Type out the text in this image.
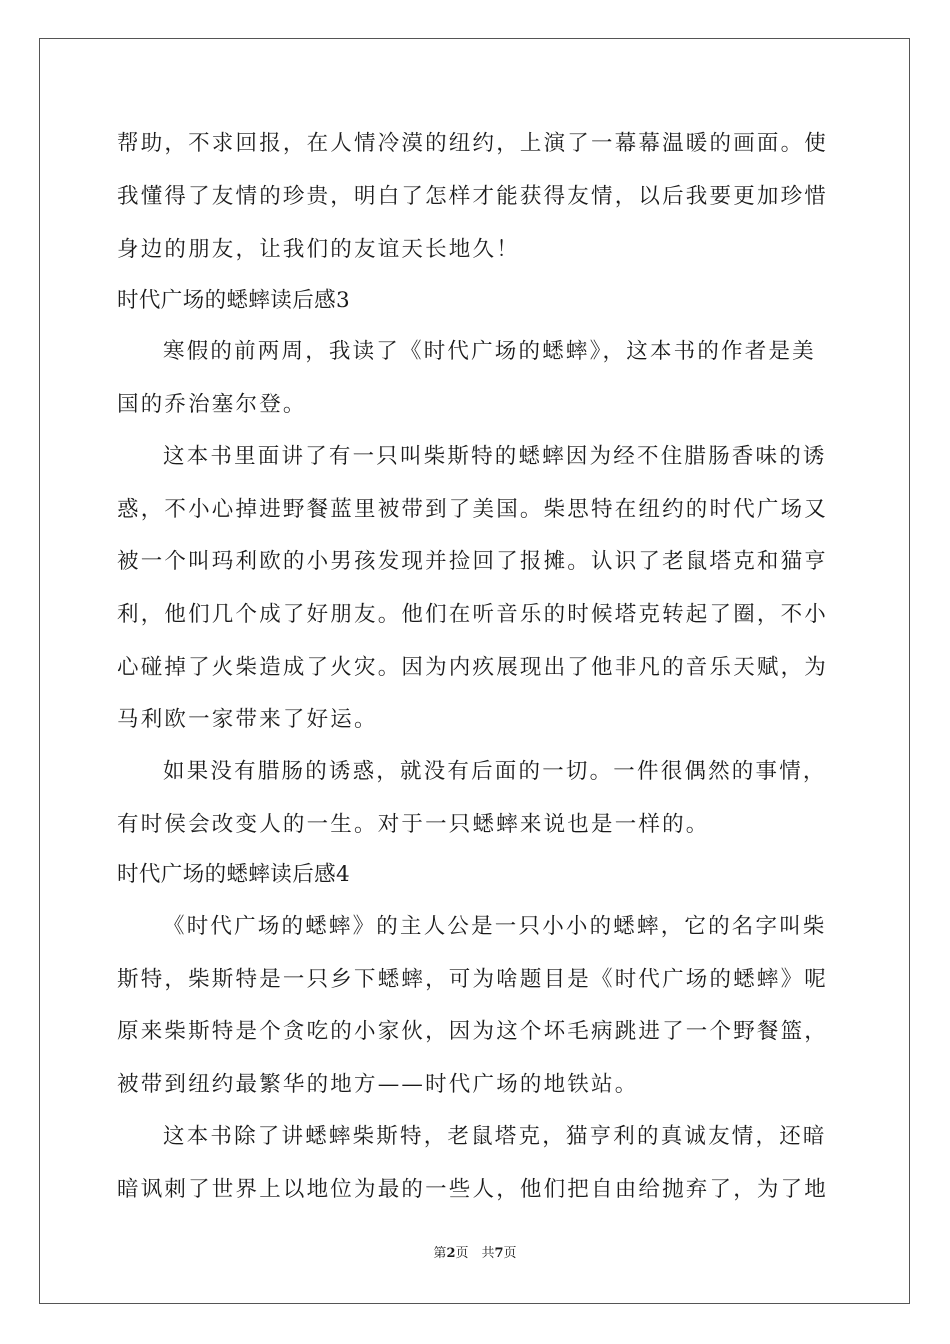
帮助，不求回报，在人情冷漠的纽约，上演了一幕幕温暖的画面。使
我懂得了友情的珍贵，明白了怎样才能获得友情，以后我要更加珍惜
身边的朋友，让我们的友谊天长地久！
时代广场的蟋蟀读后感3
寒假的前两周，我读了《时代广场的蟋蟀》，这本书的作者是美
国的乔治塞尔登。
这本书里面讲了有一只叫柴斯特的蟋蟀因为经不住腊肠香味的诱
惑，不小心掉进野餐蓝里被带到了美国。柴思特在纽约的时代广场又
被一个叫玛利欧的小男孩发现并捡回了报摊。认识了老鼠塔克和猫亨
利，他们几个成了好朋友。他们在听音乐的时候塔克转起了圈，不小
心碰掉了火柴造成了火灾。因为内疚展现出了他非凡的音乐天赋，为
马利欧一家带来了好运。
如果没有腊肠的诱惑，就没有后面的一切。一件很偶然的事情，
有时侯会改变人的一生。对于一只蟋蟀来说也是一样的。
时代广场的蟋蟀读后感4
《时代广场的蟋蟀》的主人公是一只小小的蟋蟀，它的名字叫柴
斯特，柴斯特是一只乡下蟋蟀，可为啥题目是《时代广场的蟋蟀》呢
原来柴斯特是个贪吃的小家伙，因为这个坏毛病跳进了一个野餐篮，
被带到纽约最繁华的地方——时代广场的地铁站。
这本书除了讲蟋蟀柴斯特，老鼠塔克，猫亨利的真诚友情，还暗
暗讽刺了世界上以地位为最的一些人，他们把自由给抛弃了，为了地
第2页　共7页
